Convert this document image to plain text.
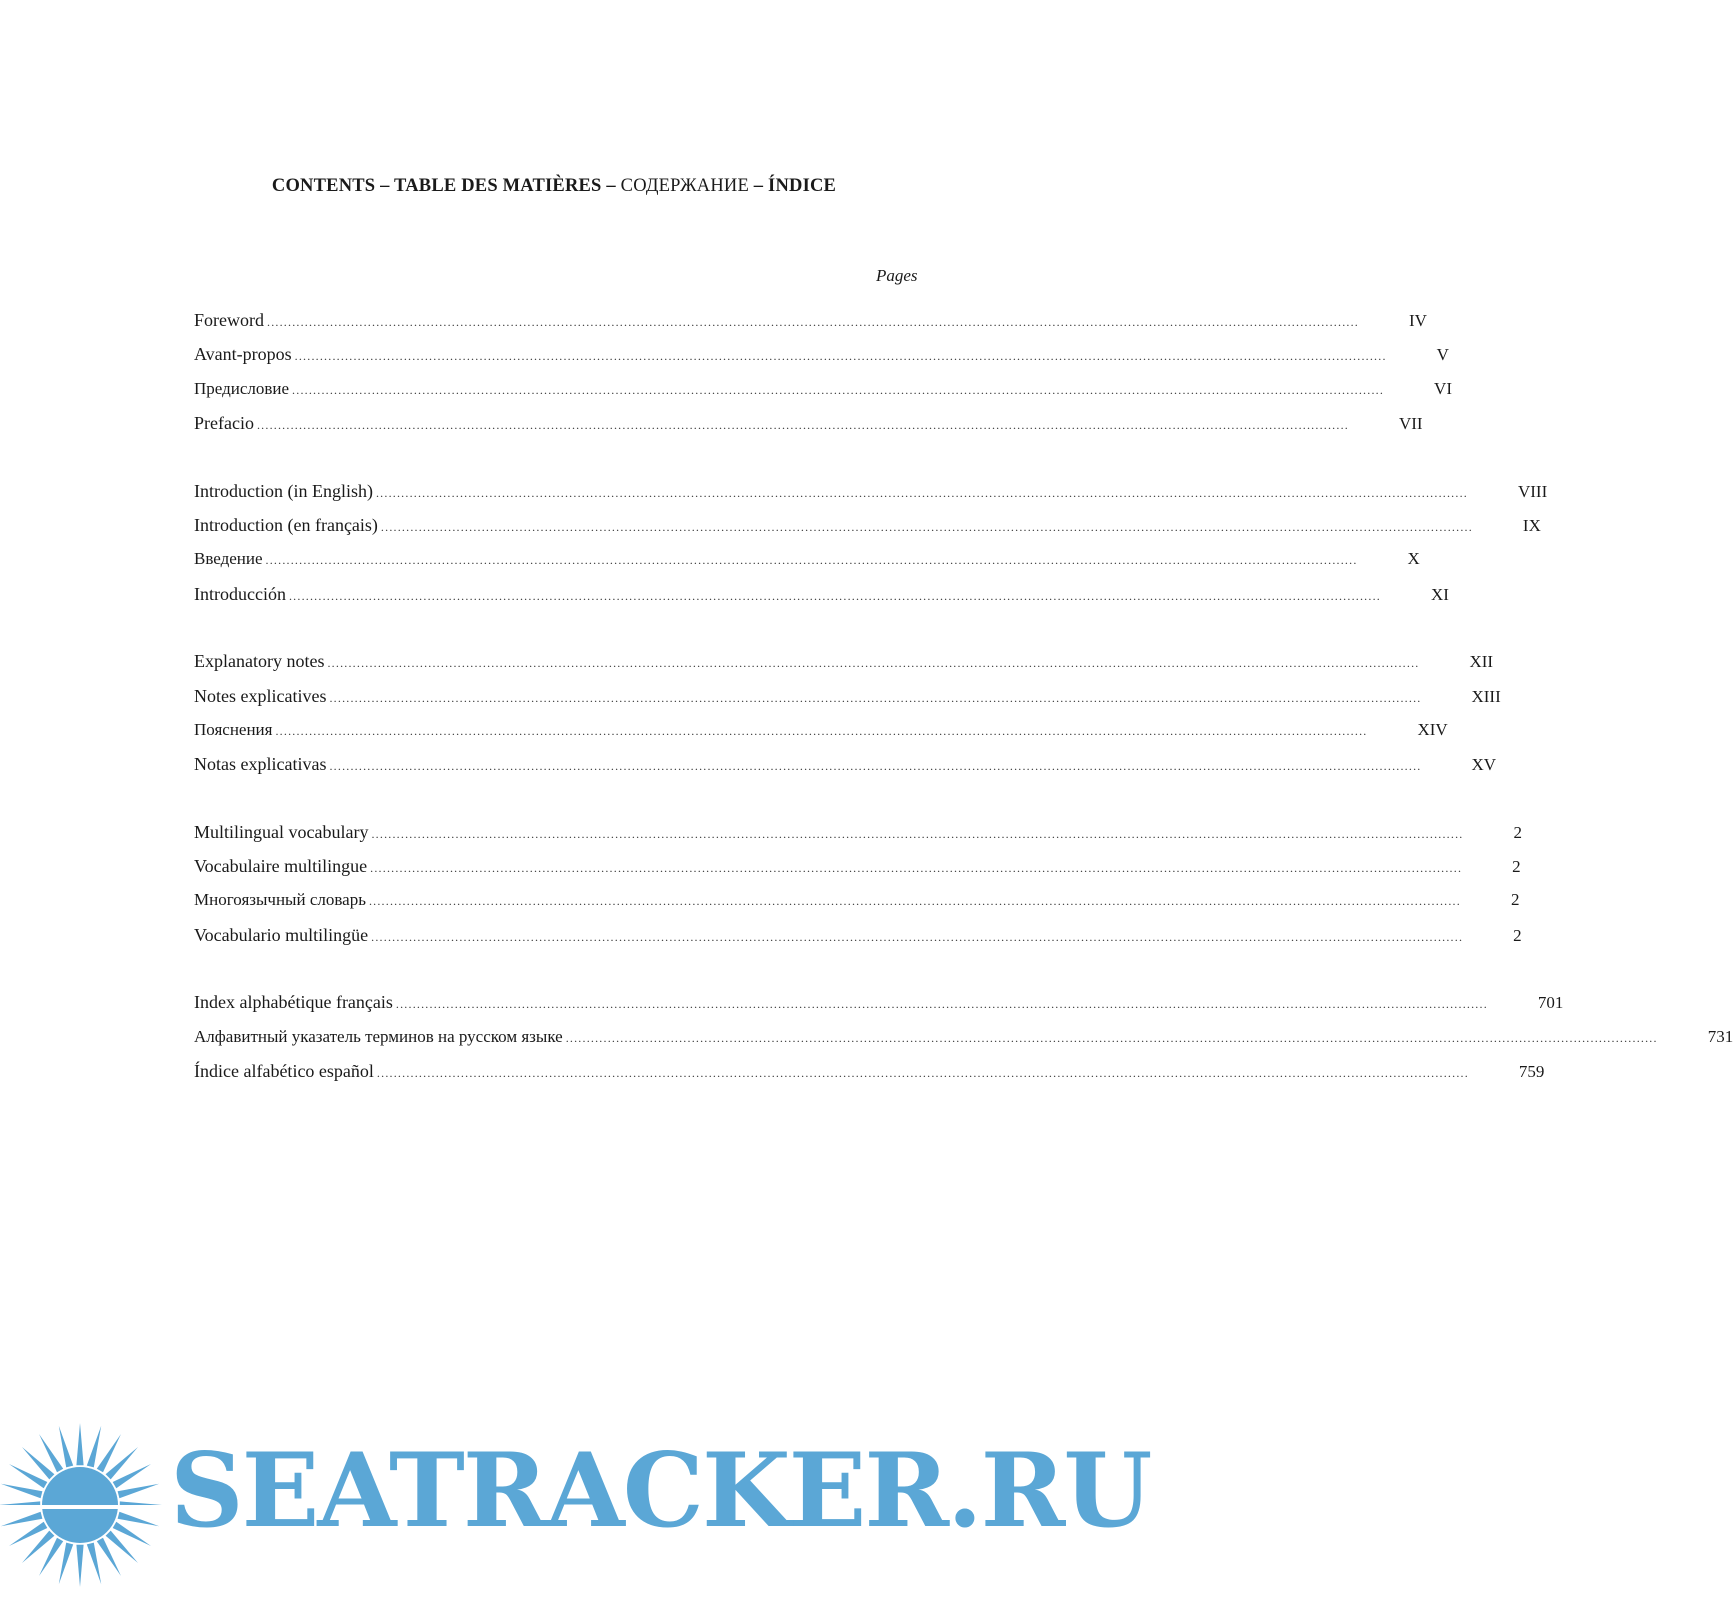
CONTENTS – TABLE DES MATIÈRES – СОДЕРЖАНИЕ – ÍNDICE
Pages
Foreword ....................................................................................................................................................................................................................................................................	IV
Avant-propos ....................................................................................................................................................................................................................................................................	V
Предисловие ....................................................................................................................................................................................................................................................................	VI
Prefacio ....................................................................................................................................................................................................................................................................	VII
Introduction (in English) ....................................................................................................................................................................................................................................................................	VIII
Introduction (en français) ....................................................................................................................................................................................................................................................................	IX
Введение ....................................................................................................................................................................................................................................................................	X
Introducción ....................................................................................................................................................................................................................................................................	XI
Explanatory notes ....................................................................................................................................................................................................................................................................	XII
Notes explicatives ....................................................................................................................................................................................................................................................................	XIII
Пояснения ....................................................................................................................................................................................................................................................................	XIV
Notas explicativas ....................................................................................................................................................................................................................................................................	XV
Multilingual vocabulary ....................................................................................................................................................................................................................................................................	2
Vocabulaire multilingue ....................................................................................................................................................................................................................................................................	2
Многоязычный словарь ....................................................................................................................................................................................................................................................................	2
Vocabulario multilingüe ....................................................................................................................................................................................................................................................................	2
Index alphabétique français ....................................................................................................................................................................................................................................................................	701
Алфавитный указатель терминов на русском языке ....................................................................................................................................................................................................................................................................	731
Índice alfabético español ....................................................................................................................................................................................................................................................................	759
SEATRACKER.RU
